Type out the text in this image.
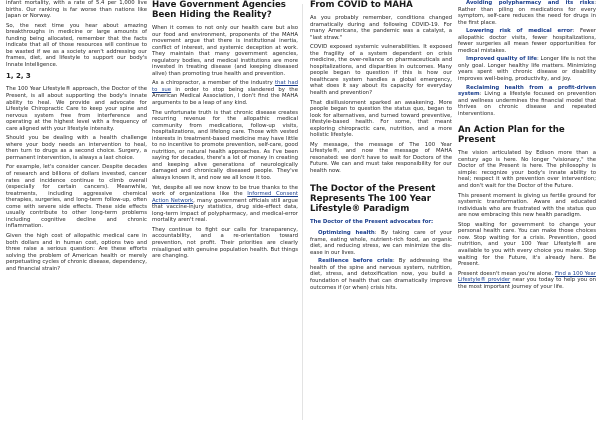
infant mortality, with a rate of 5.4 per 1,000 live births. Our ranking is far worse than nations like Japan or Norway.

So, the next time you hear about amazing breakthroughs in medicine or large amounts of funding being allocated, remember that the facts indicate that all of those resources will continue to be wasted if we as a society aren't addressing our frames, diet, and lifestyle to support our body's Innate Intelligence.

1, 2, 3

The 100 Year Lifestyle® approach, the Doctor of the Present, is all about supporting the body's innate ability to heal. We provide and advocate for Lifestyle Chiropractic Care to keep your spine and nervous system free from interference and operating at the highest level with a frequency of care aligned with your lifestyle intensity.

Should you be dealing with a health challenge where your body needs an intervention to heal, then turn to drugs as a second choice. Surgery, a permanent intervention, is always a last choice.

For example, let's consider cancer. Despite decades of research and billions of dollars invested, cancer rates and incidence continue to climb overall (especially for certain cancers). Meanwhile, treatments, including aggressive chemical therapies, surgeries, and long-term follow-up, often come with severe side effects. These side effects usually contribute to other long-term problems including cognitive decline and chronic inflammation.

Given the high cost of allopathic medical care in both dollars and in human cost, options two and three raise a serious question: Are these efforts solving the problem of American health or merely perpetuating cycles of chronic disease, dependency, and financial strain?

Have Government Agencies Been Hiding the Reality?

When it comes to not only our health care but also our food and environment, proponents of the MAHA movement argue that there is institutional inertia, conflict of interest, and systemic deception at work. They maintain that many government agencies, regulatory bodies, and medical institutions are more invested in treating disease (and keeping diseased alive) than promoting true health and prevention.

As a chiropractor, a member of the industry that had to sue in order to stop being slandered by the American Medical Association, I don't find the MAHA arguments to be a leap of any kind.

The unfortunate truth is that chronic disease creates recurring revenue for the allopathic medical community from medications, follow-up visits, hospitalizations, and lifelong care. Those with vested interests in treatment-based medicine may have little to no incentive to promote prevention, self-care, good nutrition, or natural health approaches. As I've been saying for decades, there's a lot of money in creating and keeping alive generations of neurologically damaged and chronically diseased people. They've always known it, and now we all know it too.

Yet, despite all we now know to be true thanks to the work of organizations like the Informed Consent Action Network, many government officials still argue that vaccine-injury statistics, drug side-effect data, long-term impact of polypharmacy, and medical-error mortality aren't real.

They continue to fight our calls for transparency, accountability, and a re-orientation toward prevention, not profit. Their priorities are clearly misaligned with genuine population health. But things are changing.

From COVID to MAHA

As you probably remember, conditions changed dramatically during and following COVID-19. For many Americans, the pandemic was a catalyst, a "last straw."

COVID exposed systemic vulnerabilities. It exposed the fragility of a system dependent on crisis medicine, the over-reliance on pharmaceuticals and hospitalizations, and disparities in outcomes. Many people began to question if this is how our healthcare system handles a global emergency, what does it say about its capacity for everyday health and prevention?

That disillusionment sparked an awakening. More people began to question the status quo, began to look for alternatives, and turned toward preventive, lifestyle-based health. For some, that meant exploring chiropractic care, nutrition, and a more holistic lifestyle.

My message, the message of The 100 Year Lifestyle®, and now the message of MAHA resonated: we don't have to wait for Doctors of the Future. We can and must take responsibility for our health now.

The Doctor of the Present Represents The 100 Year Lifestyle® Paradigm

The Doctor of the Present advocates for:

Optimizing health: By taking care of your frame, eating whole, nutrient-rich food, an organic diet, and reducing stress, we can minimize the dis-ease in our lives.
Resilience before crisis: By addressing the health of the spine and nervous system, nutrition, diet, stress, and detoxification now, you build a foundation of health that can dramatically improve outcomes if (or when) crisis hits.
Avoiding polypharmacy and its risks: Rather than piling on medications for every symptom, self-care reduces the need for drugs in the first place.
Lowering risk of medical error: Fewer allopathic doctor visits, fewer hospitalizations, fewer surgeries all mean fewer opportunities for medical mistakes.
Improved quality of life: Longer life is not the only goal. Longer healthy life matters. Minimizing years spent with chronic disease or disability improves well-being, productivity, and joy.
Reclaiming health from a profit-driven system: Living a lifestyle focused on prevention and wellness undermines the financial model that thrives on chronic disease and repeated interventions.
An Action Plan for the Present

The vision articulated by Edison more than a century ago is here. No longer "visionary," the Doctor of the Present is here. The philosophy is simple: recognize your body's innate ability to heal; respect it with prevention over intervention; and don't wait for the Doctor of the Future.

This present moment is giving us fertile ground for systemic transformation. Aware and educated individuals who are frustrated with the status quo are now embracing this new health paradigm.

Stop waiting for government to change your personal health care. You can make those choices now. Stop waiting for a crisis. Prevention, good nutrition, and your 100 Year Lifestyle® are available to you with every choice you make. Stop waiting for the Future, it's already here. Be Present.

Present doesn't mean you're alone. Find a 100 Year Lifestyle® provider near you today to help you on the most important journey of your life.
